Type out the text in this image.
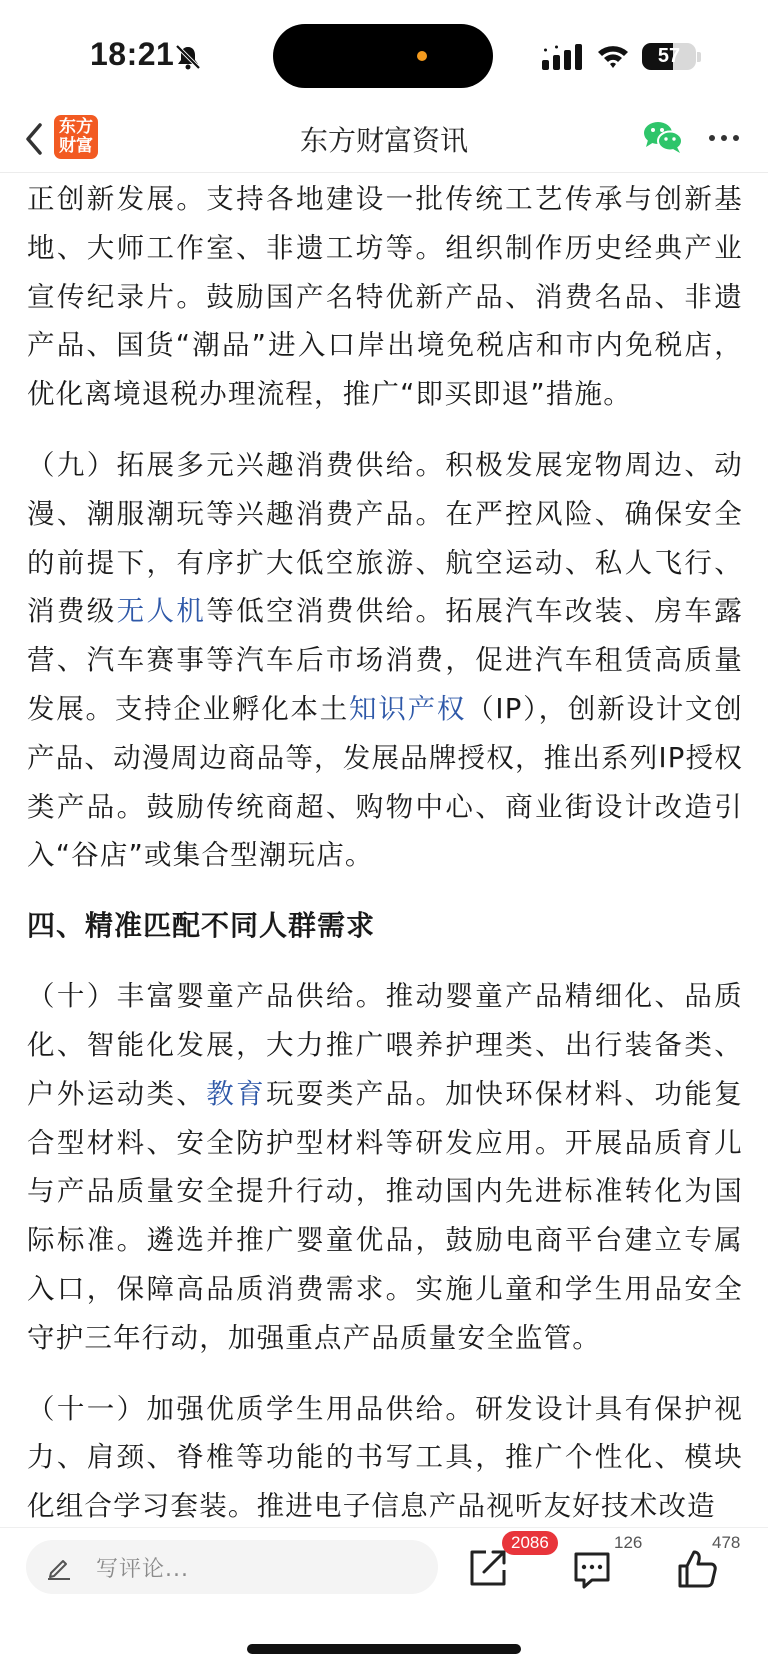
18:21	57
东方
财富	东方财富资讯

正创新发展。支持各地建设一批传统工艺传承与创新基地、大师工作室、非遗工坊等。组织制作历史经典产业宣传纪录片。鼓励国产名特优新产品、消费名品、非遗产品、国货“潮品”进入口岸出境免税店和市内免税店，优化离境退税办理流程，推广“即买即退”措施。

（九）拓展多元兴趣消费供给。积极发展宠物周边、动漫、潮服潮玩等兴趣消费产品。在严控风险、确保安全的前提下，有序扩大低空旅游、航空运动、私人飞行、消费级无人机等低空消费供给。拓展汽车改装、房车露营、汽车赛事等汽车后市场消费，促进汽车租赁高质量发展。支持企业孵化本土知识产权（IP），创新设计文创产品、动漫周边商品等，发展品牌授权，推出系列IP授权类产品。鼓励传统商超、购物中心、商业街设计改造引入“谷店”或集合型潮玩店。

四、精准匹配不同人群需求

（十）丰富婴童产品供给。推动婴童产品精细化、品质化、智能化发展，大力推广喂养护理类、出行装备类、户外运动类、教育玩耍类产品。加快环保材料、功能复合型材料、安全防护型材料等研发应用。开展品质育儿与产品质量安全提升行动，推动国内先进标准转化为国际标准。遴选并推广婴童优品，鼓励电商平台建立专属入口，保障高品质消费需求。实施儿童和学生用品安全守护三年行动，加强重点产品质量安全监管。

（十一）加强优质学生用品供给。研发设计具有保护视力、肩颈、脊椎等功能的书写工具，推广个性化、模块化组合学习套装。推进电子信息产品视听友好技术改造

写评论...
2086	126	478
